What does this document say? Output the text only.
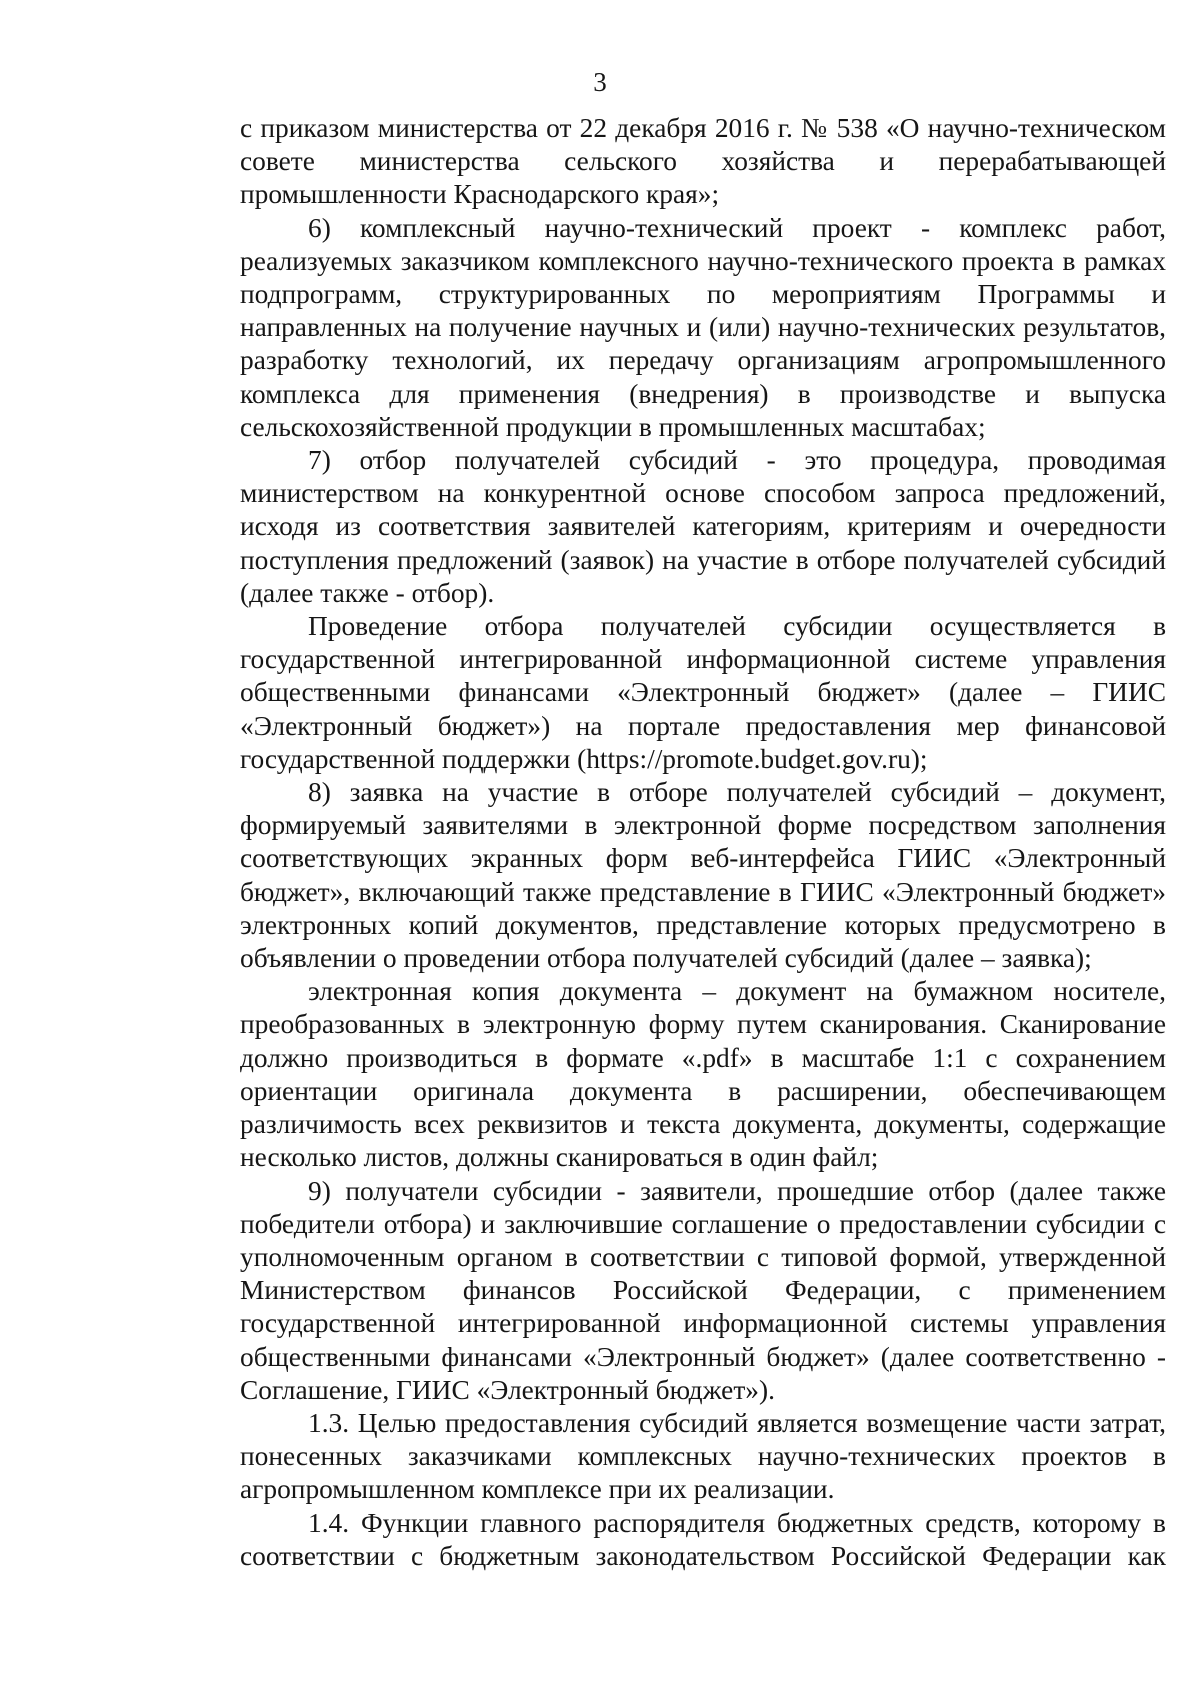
3

с приказом министерства от 22 декабря 2016 г. № 538 «О научно-техническом совете министерства сельского хозяйства и перерабатывающей промышленности Краснодарского края»;

6) комплексный научно-технический проект - комплекс работ, реализуемых заказчиком комплексного научно-технического проекта в рамках подпрограмм, структурированных по мероприятиям Программы и направленных на получение научных и (или) научно-технических результатов, разработку технологий, их передачу организациям агропромышленного комплекса для применения (внедрения) в производстве и выпуска сельскохозяйственной продукции в промышленных масштабах;

7) отбор получателей субсидий - это процедура, проводимая министерством на конкурентной основе способом запроса предложений, исходя из соответствия заявителей категориям, критериям и очередности поступления предложений (заявок) на участие в отборе получателей субсидий (далее также - отбор).

Проведение отбора получателей субсидии осуществляется в государственной интегрированной информационной системе управления общественными финансами «Электронный бюджет» (далее – ГИИС «Электронный бюджет») на портале предоставления мер финансовой государственной поддержки (https://promote.budget.gov.ru);

8) заявка на участие в отборе получателей субсидий – документ, формируемый заявителями в электронной форме посредством заполнения соответствующих экранных форм веб-интерфейса ГИИС «Электронный бюджет», включающий также представление в ГИИС «Электронный бюджет» электронных копий документов, представление которых предусмотрено в объявлении о проведении отбора получателей субсидий (далее – заявка);

электронная копия документа – документ на бумажном носителе, преобразованных в электронную форму путем сканирования. Сканирование должно производиться в формате «.pdf» в масштабе 1:1 с сохранением ориентации оригинала документа в расширении, обеспечивающем различимость всех реквизитов и текста документа, документы, содержащие несколько листов, должны сканироваться в один файл;

9) получатели субсидии - заявители, прошедшие отбор (далее также победители отбора) и заключившие соглашение о предоставлении субсидии с уполномоченным органом в соответствии с типовой формой, утвержденной Министерством финансов Российской Федерации, с применением государственной интегрированной информационной системы управления общественными финансами «Электронный бюджет» (далее соответственно - Соглашение, ГИИС «Электронный бюджет»).

1.3. Целью предоставления субсидий является возмещение части затрат, понесенных заказчиками комплексных научно-технических проектов в агропромышленном комплексе при их реализации.

1.4. Функции главного распорядителя бюджетных средств, которому в соответствии с бюджетным законодательством Российской Федерации как
